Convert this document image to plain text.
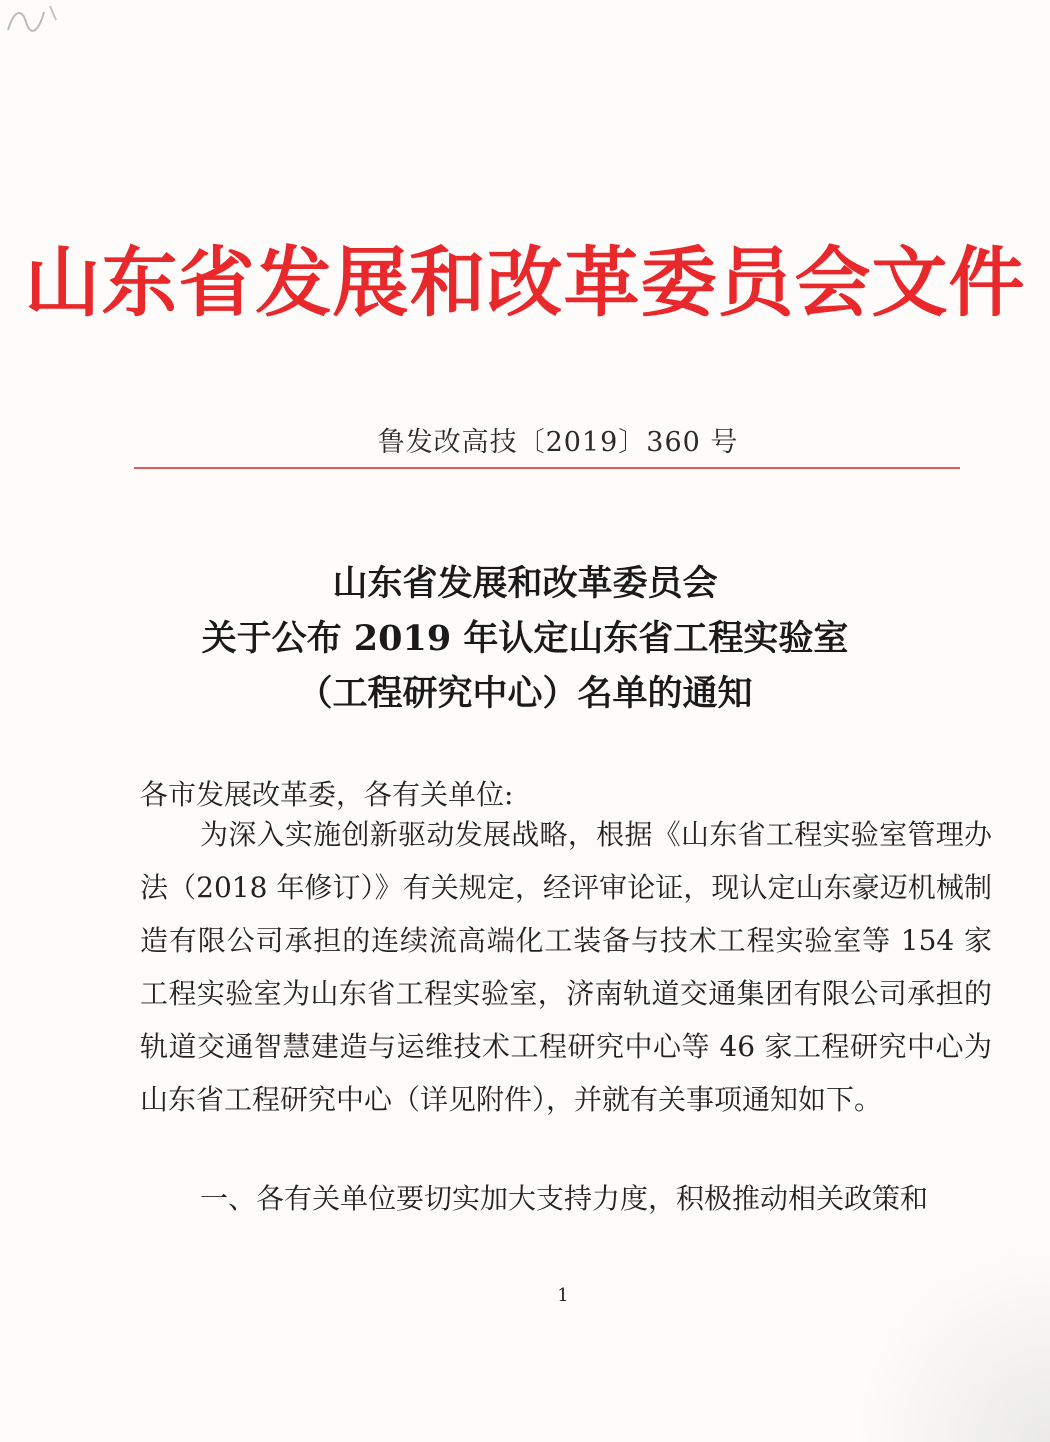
山东省发展和改革委员会文件
鲁发改高技〔2019〕360 号
山东省发展和改革委员会
关于公布 2019 年认定山东省工程实验室
（工程研究中心）名单的通知
各市发展改革委，各有关单位:
为深入实施创新驱动发展战略，根据《山东省工程实验室管理办法（2018 年修订）》有关规定，经评审论证，现认定山东豪迈机械制造有限公司承担的连续流高端化工装备与技术工程实验室等 154 家工程实验室为山东省工程实验室，济南轨道交通集团有限公司承担的轨道交通智慧建造与运维技术工程研究中心等 46 家工程研究中心为山东省工程研究中心（详见附件），并就有关事项通知如下。
一、各有关单位要切实加大支持力度，积极推动相关政策和
1
